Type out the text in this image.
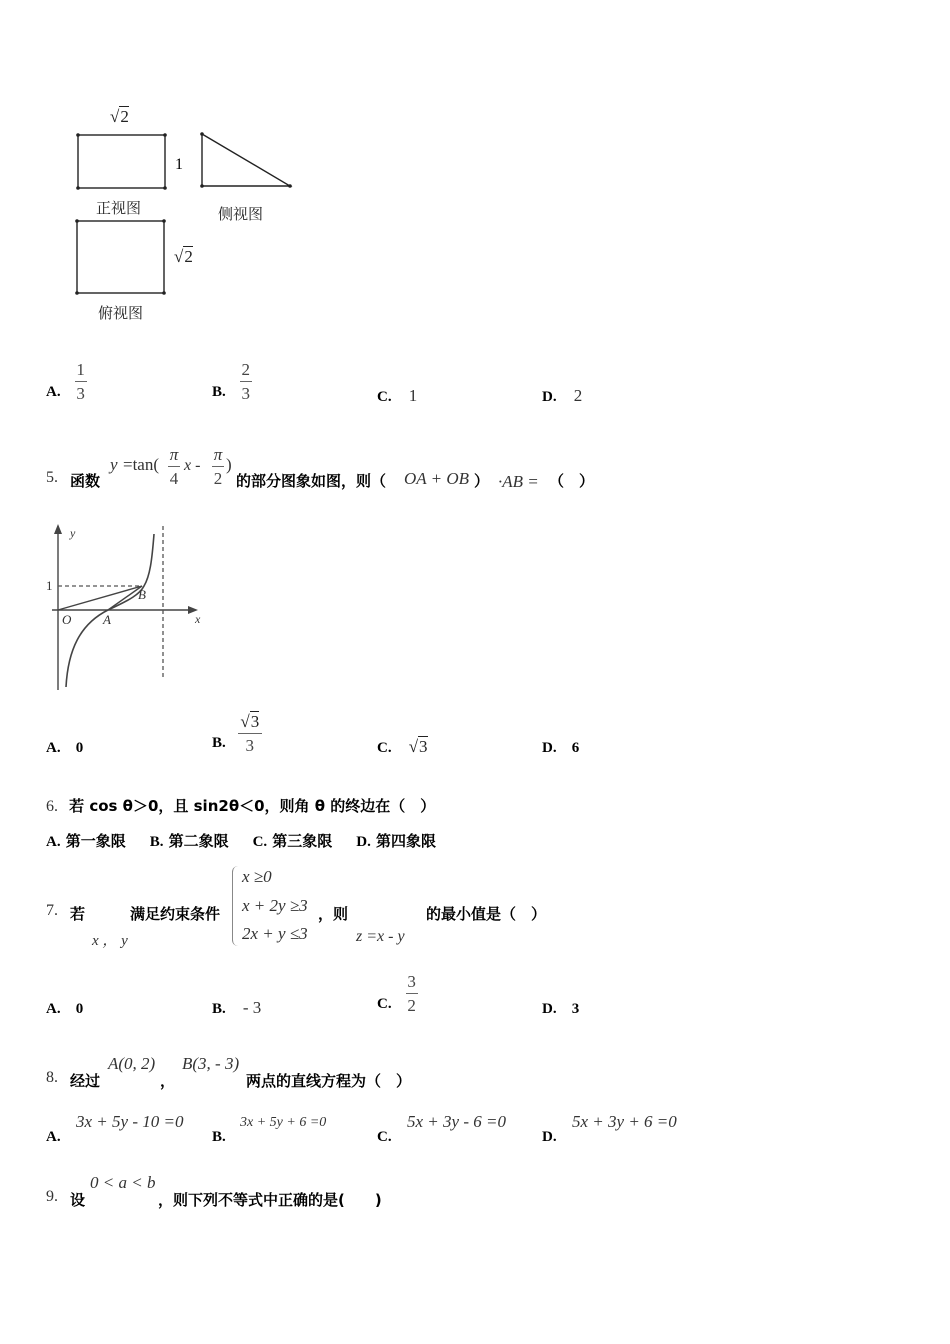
√2
1
正视图	侧视图
√2
俯视图
A. $\frac{1}{3}$	B. $\frac{2}{3}$	C. 1	D. 2
5. 函数
y =tan(
π
4
x -
π
2
)
的部分图象如图，则（ OA + OB ） ·AB = （　）
y
x
1
O A
B
A. 0	B. $\frac{√3}{3}$	C. √3	D. 6
6. 若 cos θ＞0，且 sin2θ＜0，则角 θ 的终边在（　）
A. 第一象限 B. 第二象限 C. 第三象限 D. 第四象限
7. 若
x ， y
满足约束条件
x ≥0
x + 2y ≥3
2x + y ≤3
，则
z =x - y
的最小值是（　）
A. 0	B. - 3	C. $\frac{3}{2}$	D. 3
8. 经过
A(0, 2)
，
B(3, - 3)
两点的直线方程为（　）
A.
3x + 5y - 10 =0
B.
3x + 5y + 6 =0
C.
5x + 3y - 6 =0
D.
5x + 3y + 6 =0
9. 设
0 < a < b
，则下列不等式中正确的是(　　)
